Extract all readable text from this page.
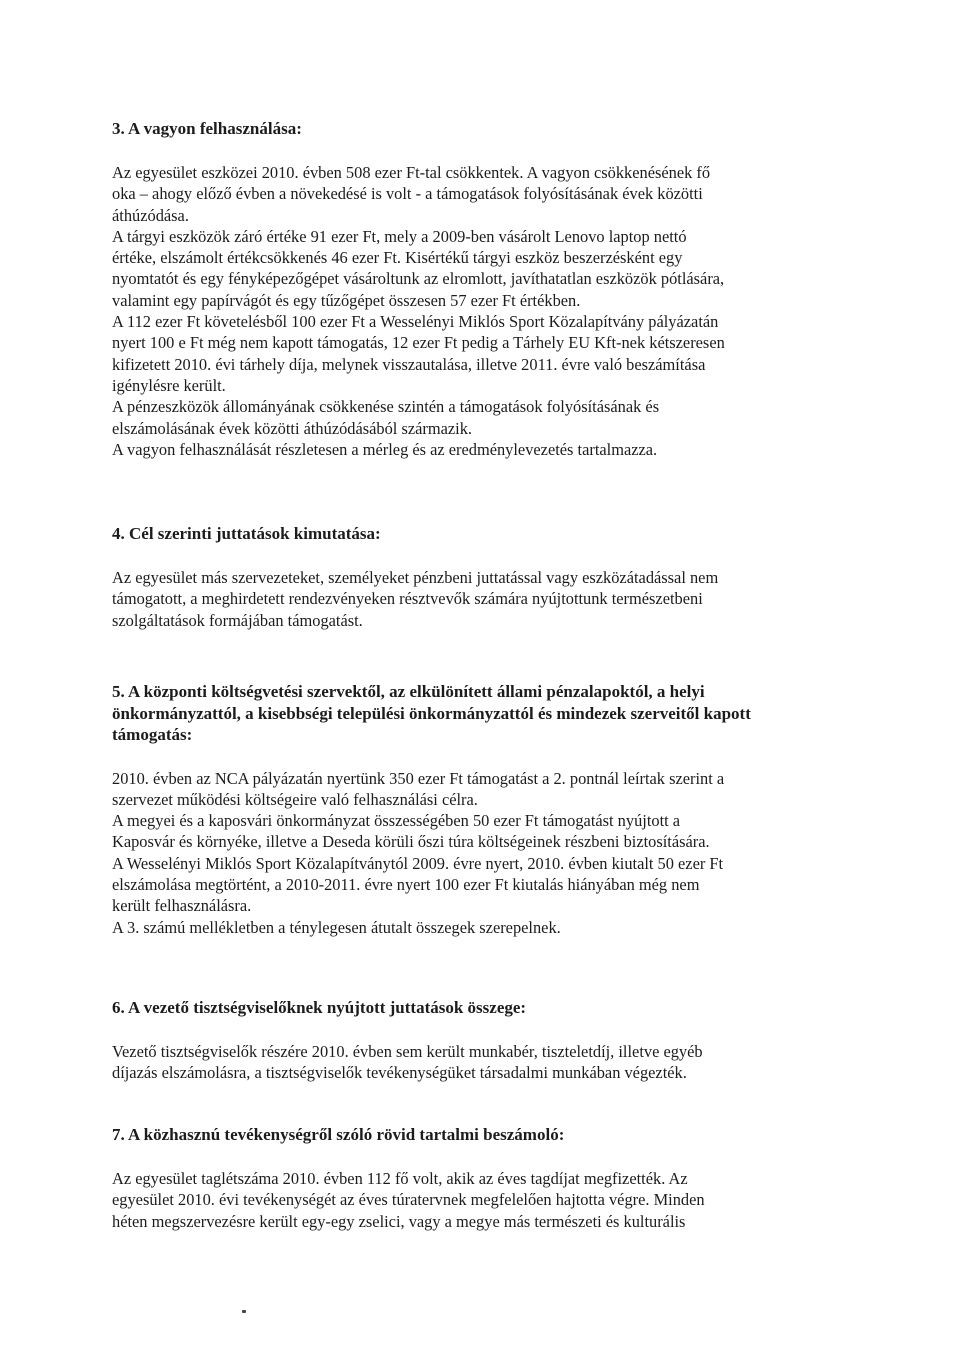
3. A vagyon felhasználása:

Az egyesület eszközei 2010. évben 508 ezer Ft-tal csökkentek. A vagyon csökkenésének fő
oka – ahogy előző évben a növekedésé is volt - a támogatások folyósításának évek közötti
áthúzódása.
A tárgyi eszközök záró értéke 91 ezer Ft, mely a 2009-ben vásárolt Lenovo laptop nettó
értéke, elszámolt értékcsökkenés 46 ezer Ft. Kisértékű tárgyi eszköz beszerzésként egy
nyomtatót és egy fényképezőgépet vásároltunk az elromlott, javíthatatlan eszközök pótlására,
valamint egy papírvágót és egy tűzőgépet összesen 57 ezer Ft értékben.
A 112 ezer Ft követelésből 100 ezer Ft a Wesselényi Miklós Sport Közalapítvány pályázatán
nyert 100 e Ft még nem kapott támogatás, 12 ezer Ft pedig a Tárhely EU Kft-nek kétszeresen
kifizetett 2010. évi tárhely díja, melynek visszautalása, illetve 2011. évre való beszámítása
igénylésre került.
A pénzeszközök állományának csökkenése szintén a támogatások folyósításának és
elszámolásának évek közötti áthúzódásából származik.
A vagyon felhasználását részletesen a mérleg és az eredménylevezetés tartalmazza.

4. Cél szerinti juttatások kimutatása:

Az egyesület más szervezeteket, személyeket pénzbeni juttatással vagy eszközátadással nem
támogatott, a meghirdetett rendezvényeken résztvevők számára nyújtottunk természetbeni
szolgáltatások formájában támogatást.

5. A központi költségvetési szervektől, az elkülönített állami pénzalapoktól, a helyi
önkormányzattól, a kisebbségi települési önkormányzattól és mindezek szerveitől kapott
támogatás:

2010. évben az NCA pályázatán nyertünk 350 ezer Ft támogatást a 2. pontnál leírtak szerint a
szervezet működési költségeire való felhasználási célra.
A megyei és a kaposvári önkormányzat összességében 50 ezer Ft támogatást nyújtott a
Kaposvár és környéke, illetve a Deseda körüli őszi túra költségeinek részbeni biztosítására.
A Wesselényi Miklós Sport Közalapítványtól 2009. évre nyert, 2010. évben kiutalt 50 ezer Ft
elszámolása megtörtént, a 2010-2011. évre nyert 100 ezer Ft kiutalás hiányában még nem
került felhasználásra.
A 3. számú mellékletben a ténylegesen átutalt összegek szerepelnek.

6. A vezető tisztségviselőknek nyújtott juttatások összege:

Vezető tisztségviselők részére 2010. évben sem került munkabér, tiszteletdíj, illetve egyéb
díjazás elszámolásra, a tisztségviselők tevékenységüket társadalmi munkában végezték.

7. A közhasznú tevékenységről szóló rövid tartalmi beszámoló:

Az egyesület taglétszáma 2010. évben 112 fő volt, akik az éves tagdíjat megfizették. Az
egyesület 2010. évi tevékenységét az éves túratervnek megfelelően hajtotta végre. Minden
héten megszervezésre került egy-egy zselici, vagy a megye más természeti és kulturális
